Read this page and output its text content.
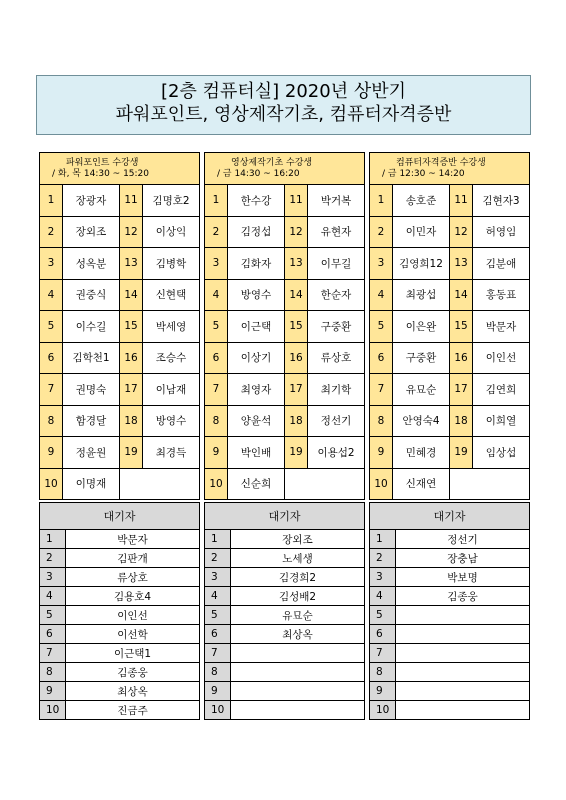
[2층 컴퓨터실] 2020년 상반기
파워포인트, 영상제작기초, 컴퓨터자격증반
파워포인트 수강생
/ 화, 목 14:30 ~ 15:20			

1	장광자	11	김명호2
2	장외조	12	이상익
3	성옥분	13	김병학
4	권중식	14	신현택
5	이수길	15	박세영
6	김학천1	16	조승수
7	권명숙	17	이남재
8	함경달	18	방영수
9	정윤원	19	최경득
10	이명재		
대기자	
1	박문자
2	김판개
3	류상호
4	김용호4
5	이인선
6	이선학
7	이근택1
8	김종웅
9	최상옥
10	진금주
영상제작기초 수강생
/ 금 14:30 ~ 16:20			

1	한수강	11	박거복
2	김정섭	12	유현자
3	김화자	13	이무길
4	방영수	14	한순자
5	이근택	15	구중환
6	이상기	16	류상호
7	최영자	17	최기학
8	양윤석	18	정선기
9	박인배	19	이용섭2
10	신순희		
대기자	
1	장외조
2	노세생
3	김경희2
4	김성배2
5	유묘순
6	최상옥
7	
8	
9	
10	
컴퓨터자격증반 수강생
/ 금 12:30 ~ 14:20			

1	송호준	11	김현자3
2	이민자	12	허영임
3	김영희12	13	김분애
4	최광섭	14	홍동표
5	이은완	15	박문자
6	구중환	16	이인선
7	유묘순	17	김연희
8	안영숙4	18	이희열
9	민혜경	19	임상섭
10	신재연		
대기자	
1	정선기
2	장충남
3	박보명
4	김종웅
5	
6	
7	
8	
9	
10	
